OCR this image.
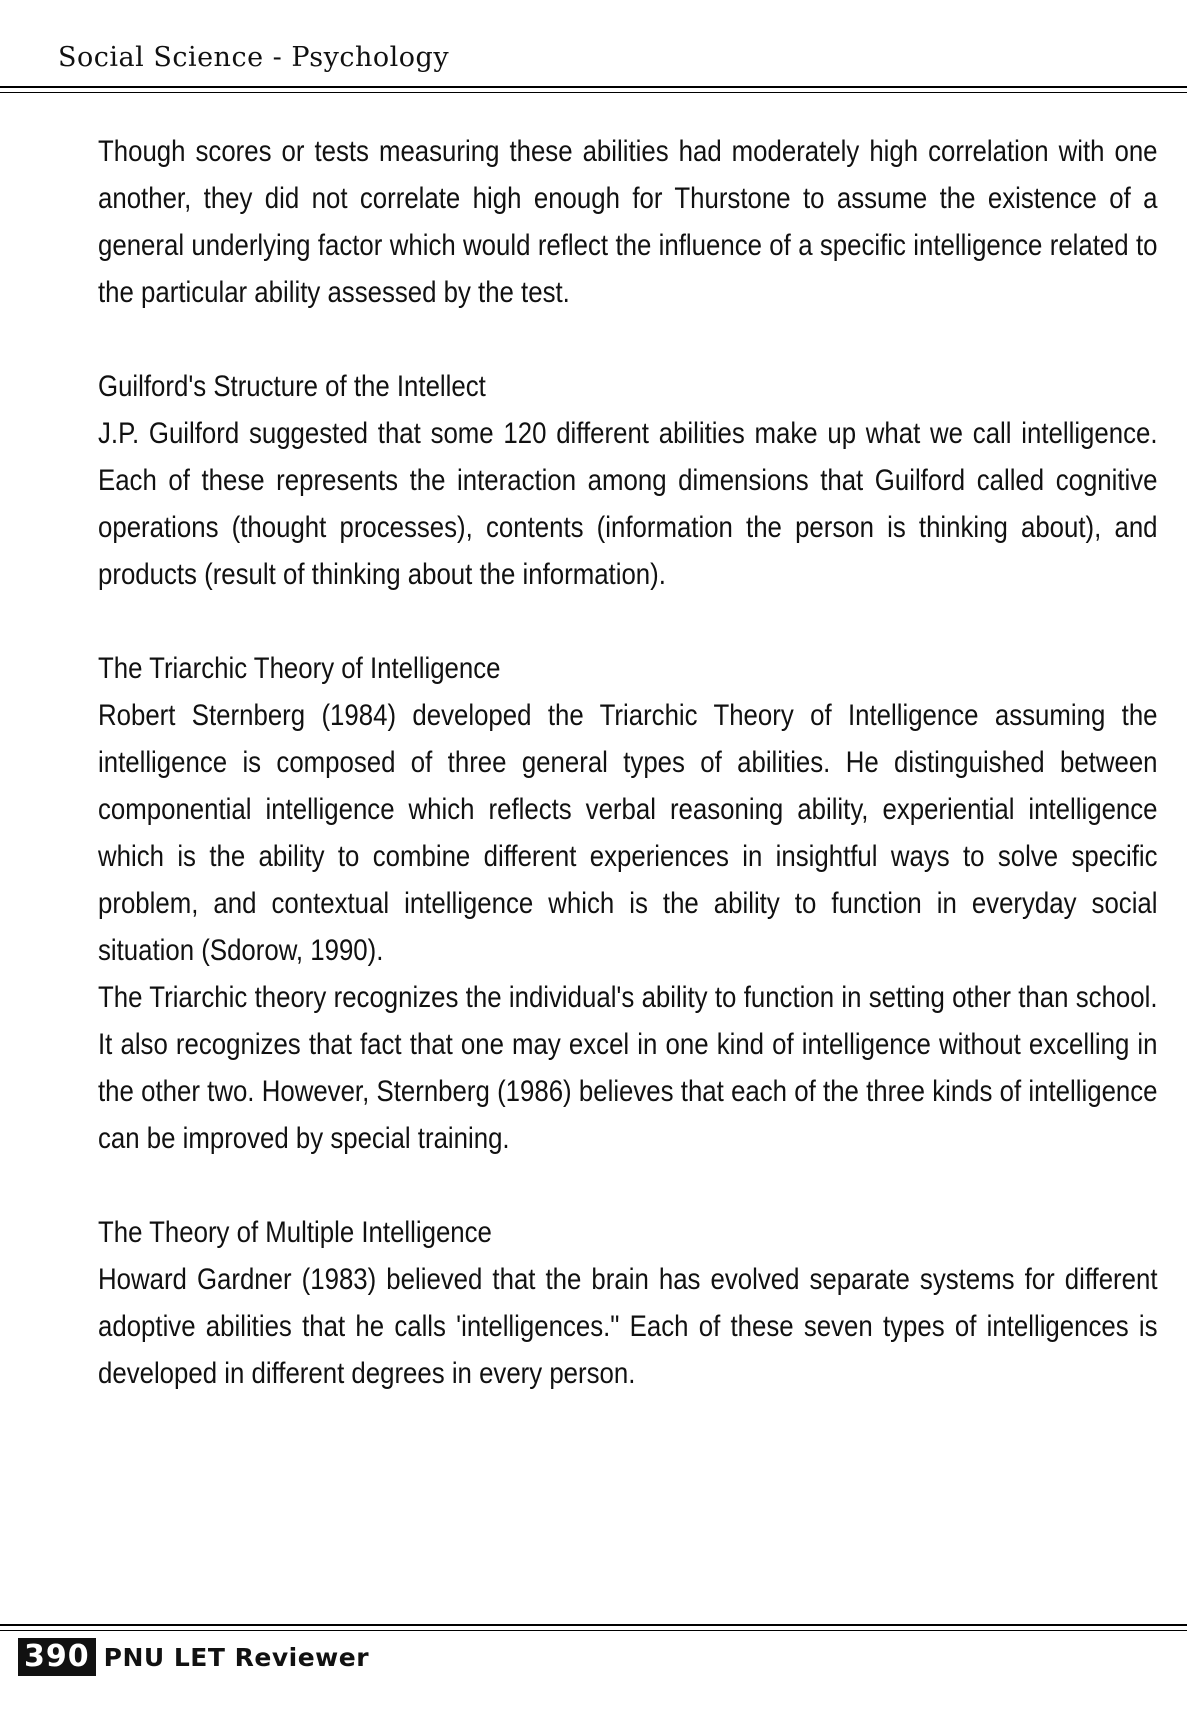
Social Science - Psychology

Though scores or tests measuring these abilities had moderately high correlation with one another, they did not correlate high enough for Thurstone to assume the existence of a general underlying factor which would reflect the influence of a specific intelligence related to the particular ability assessed by the test.

Guilford's Structure of the Intellect

J.P. Guilford suggested that some 120 different abilities make up what we call intelligence. Each of these represents the interaction among dimensions that Guilford called cognitive operations (thought processes), contents (information the person is thinking about), and products (result of thinking about the information).

The Triarchic Theory of Intelligence

Robert Sternberg (1984) developed the Triarchic Theory of Intelligence assuming the intelligence is composed of three general types of abilities. He distinguished between componential intelligence which reflects verbal reasoning ability, experiential intelligence which is the ability to combine different experiences in insightful ways to solve specific problem, and contextual intelligence which is the ability to function in everyday social situation (Sdorow, 1990).

The Triarchic theory recognizes the individual's ability to function in setting other than school. It also recognizes that fact that one may excel in one kind of intelligence without excelling in the other two. However, Sternberg (1986) believes that each of the three kinds of intelligence can be improved by special training.

The Theory of Multiple Intelligence

Howard Gardner (1983) believed that the brain has evolved separate systems for different adoptive abilities that he calls 'intelligences." Each of these seven types of intelligences is developed in different degrees in every person.

390 PNU LET Reviewer
